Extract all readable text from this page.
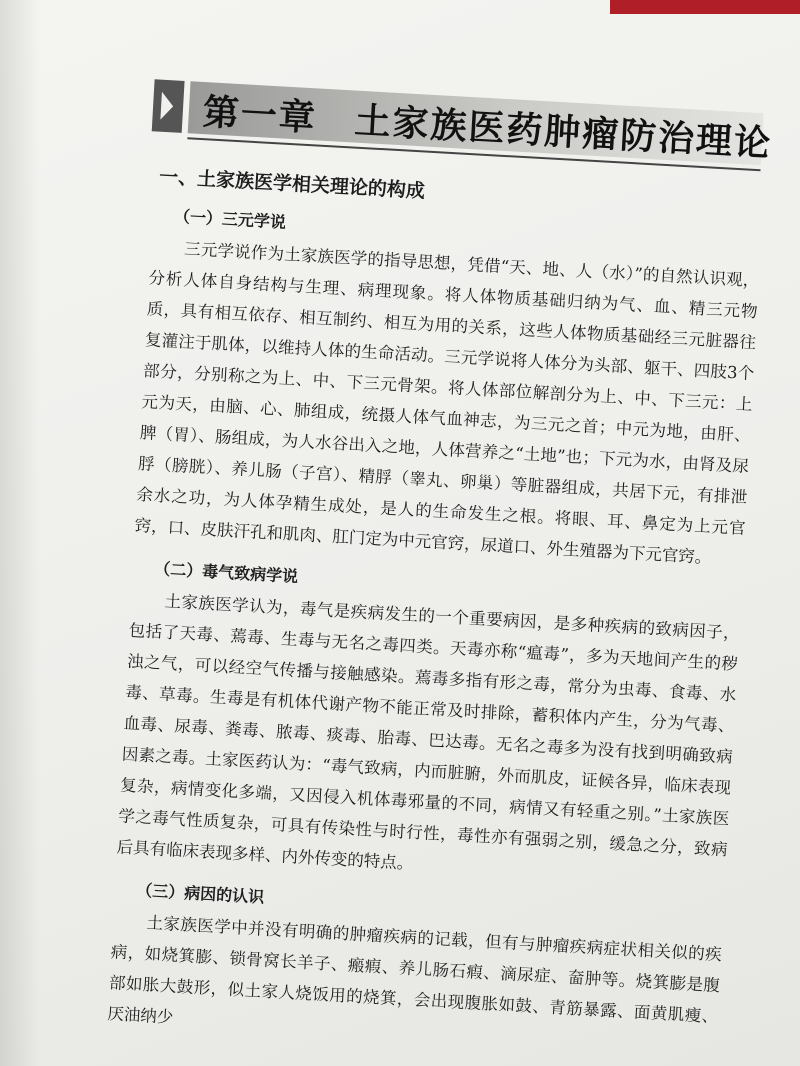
第一章　土家族医药肿瘤防治理论
一、土家族医学相关理论的构成
（一）三元学说
三元学说作为土家族医学的指导思想，凭借“天、地、人（水）”的自然认识观，分析人体自身结构与生理、病理现象。将人体物质基础归纳为气、血、精三元物质，具有相互依存、相互制约、相互为用的关系，这些人体物质基础经三元脏器往复灌注于肌体，以维持人体的生命活动。三元学说将人体分为头部、躯干、四肢3个部分，分别称之为上、中、下三元骨架。将人体部位解剖分为上、中、下三元：上元为天，由脑、心、肺组成，统摄人体气血神志，为三元之首；中元为地，由肝、脾（胃）、肠组成，为人水谷出入之地，人体营养之“土地”也；下元为水，由肾及尿脬（膀胱）、养儿肠（子宫）、精脬（睾丸、卵巢）等脏器组成，共居下元，有排泄余水之功，为人体孕精生成处，是人的生命发生之根。将眼、耳、鼻定为上元官窍，口、皮肤汗孔和肌肉、肛门定为中元官窍，尿道口、外生殖器为下元官窍。
（二）毒气致病学说
土家族医学认为，毒气是疾病发生的一个重要病因，是多种疾病的致病因子，包括了天毒、蔫毒、生毒与无名之毒四类。天毒亦称“瘟毒”，多为天地间产生的秽浊之气，可以经空气传播与接触感染。蔫毒多指有形之毒，常分为虫毒、食毒、水毒、草毒。生毒是有机体代谢产物不能正常及时排除，蓄积体内产生，分为气毒、血毒、尿毒、粪毒、脓毒、痰毒、胎毒、巴达毒。无名之毒多为没有找到明确致病因素之毒。土家医药认为：“毒气致病，内而脏腑，外而肌皮，证候各异，临床表现复杂，病情变化多端，又因侵入机体毒邪量的不同，病情又有轻重之别。”土家族医学之毒气性质复杂，可具有传染性与时行性，毒性亦有强弱之别，缓急之分，致病后具有临床表现多样、内外传变的特点。
（三）病因的认识
土家族医学中并没有明确的肿瘤疾病的记载，但有与肿瘤疾病症状相关似的疾病，如烧箕膨、锁骨窝长羊子、瘢瘕、养儿肠石瘕、滴尿症、奤肿等。烧箕膨是腹部如胀大鼓形，似土家人烧饭用的烧箕，会出现腹胀如鼓、青筋暴露、面黄肌瘦、厌油纳少
